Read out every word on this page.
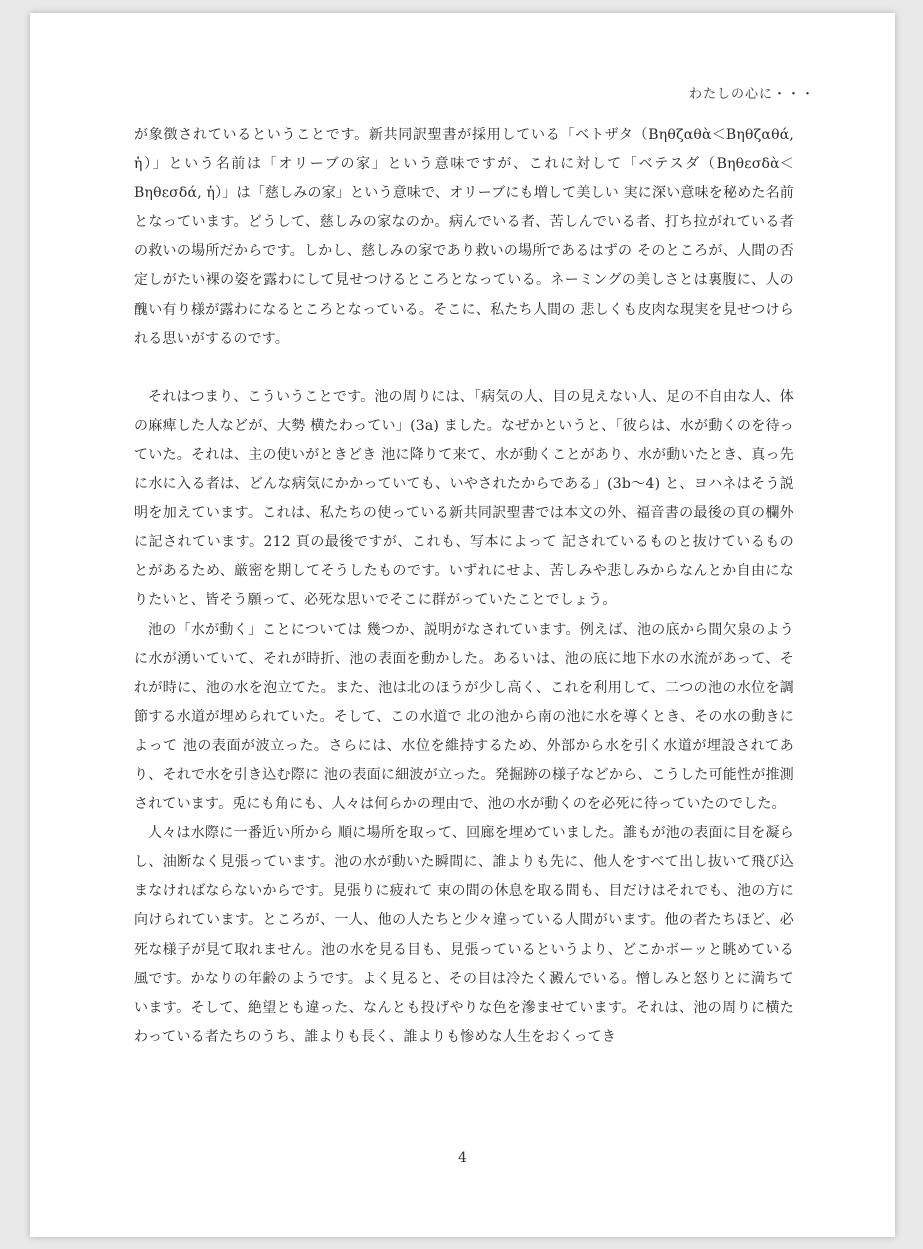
わたしの心に・・・

が象徴されているということです。新共同訳聖書が採用している「ベトザタ（Βηθζαθὰ＜Βηθζαθά, ἡ）」という名前は「オリーブの家」という意味ですが、これに対して「ベテスダ（Βηθεσδὰ＜Βηθεσδά, ἡ）」は「慈しみの家」という意味で、オリーブにも増して美しい 実に深い意味を秘めた名前となっています。どうして、慈しみの家なのか。病んでいる者、苦しんでいる者、打ち拉がれている者の救いの場所だからです。しかし、慈しみの家であり救いの場所であるはずの そのところが、人間の否定しがたい裸の姿を露わにして見せつけるところとなっている。ネーミングの美しさとは裏腹に、人の醜い有り様が露わになるところとなっている。そこに、私たち人間の 悲しくも皮肉な現実を見せつけられる思いがするのです。

それはつまり、こういうことです。池の周りには、「病気の人、目の見えない人、足の不自由な人、体の麻痺した人などが、大勢 横たわってい」(3a) ました。なぜかというと、「彼らは、水が動くのを待っていた。それは、主の使いがときどき 池に降りて来て、水が動くことがあり、水が動いたとき、真っ先に水に入る者は、どんな病気にかかっていても、いやされたからである」(3b〜4) と、ヨハネはそう説明を加えています。これは、私たちの使っている新共同訳聖書では本文の外、福音書の最後の頁の欄外に記されています。212 頁の最後ですが、これも、写本によって 記されているものと抜けているものとがあるため、厳密を期してそうしたものです。いずれにせよ、苦しみや悲しみからなんとか自由になりたいと、皆そう願って、必死な思いでそこに群がっていたことでしょう。

池の「水が動く」ことについては 幾つか、説明がなされています。例えば、池の底から間欠泉のように水が湧いていて、それが時折、池の表面を動かした。あるいは、池の底に地下水の水流があって、それが時に、池の水を泡立てた。また、池は北のほうが少し高く、これを利用して、二つの池の水位を調節する水道が埋められていた。そして、この水道で 北の池から南の池に水を導くとき、その水の動きによって 池の表面が波立った。さらには、水位を維持するため、外部から水を引く水道が埋設されてあり、それで水を引き込む際に 池の表面に細波が立った。発掘跡の様子などから、こうした可能性が推測されています。兎にも角にも、人々は何らかの理由で、池の水が動くのを必死に待っていたのでした。

人々は水際に一番近い所から 順に場所を取って、回廊を埋めていました。誰もが池の表面に目を凝らし、油断なく見張っています。池の水が動いた瞬間に、誰よりも先に、他人をすべて出し抜いて飛び込まなければならないからです。見張りに疲れて 束の間の休息を取る間も、目だけはそれでも、池の方に向けられています。ところが、一人、他の人たちと少々違っている人間がいます。他の者たちほど、必死な様子が見て取れません。池の水を見る目も、見張っているというより、どこかボーッと眺めている風です。かなりの年齢のようです。よく見ると、その目は冷たく澱んでいる。憎しみと怒りとに満ちています。そして、絶望とも違った、なんとも投げやりな色を滲ませています。それは、池の周りに横たわっている者たちのうち、誰よりも長く、誰よりも惨めな人生をおくってき

4
